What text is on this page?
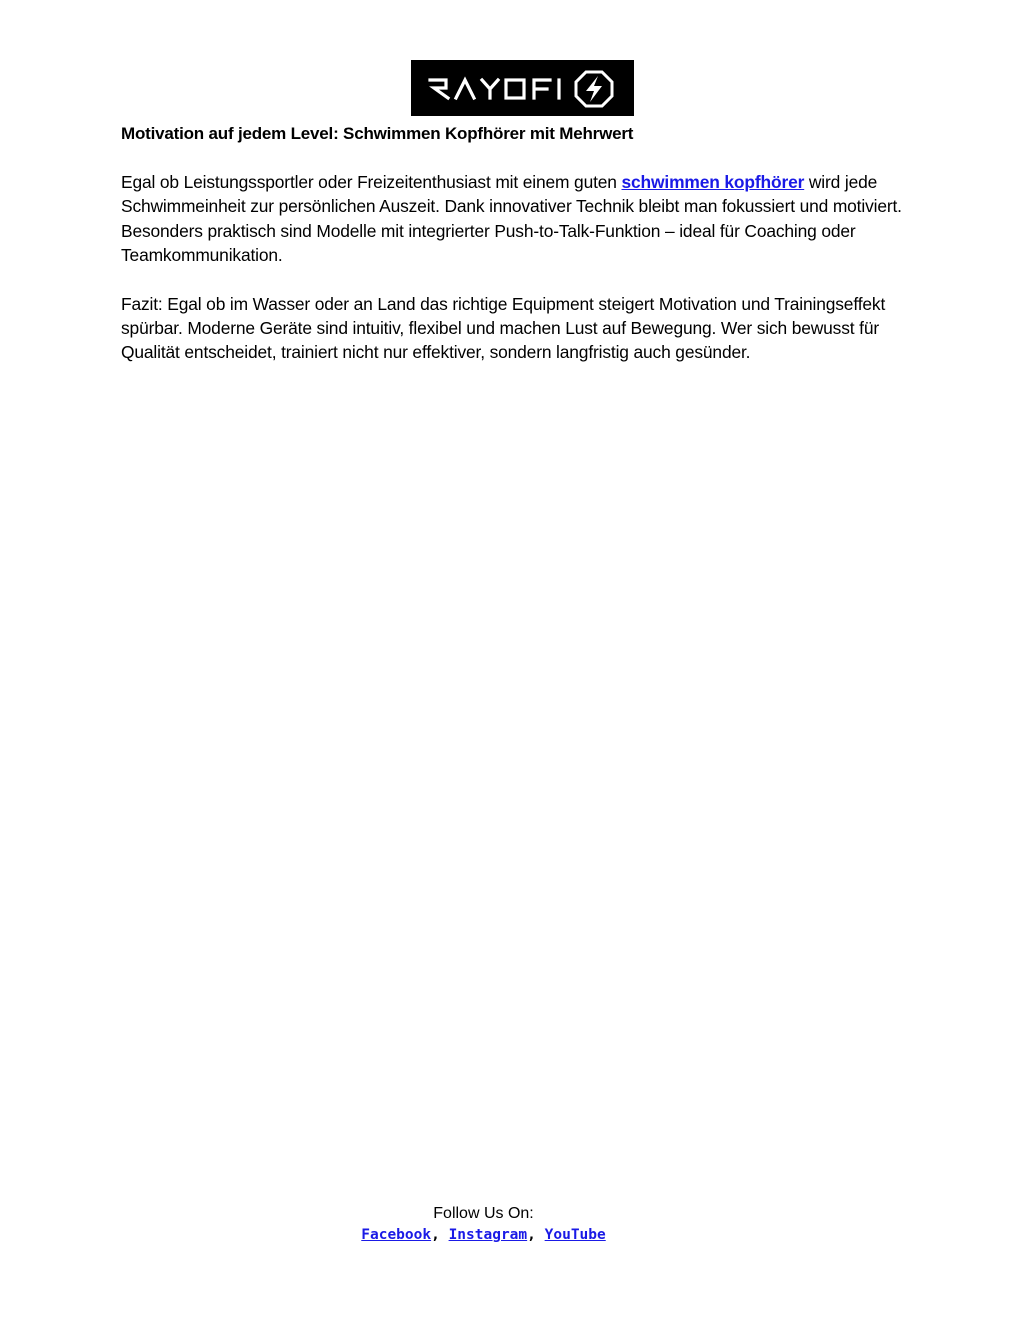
Motivation auf jedem Level: Schwimmen Kopfhörer mit Mehrwert

Egal ob Leistungssportler oder Freizeitenthusiast mit einem guten schwimmen kopfhörer wird jede Schwimmeinheit zur persönlichen Auszeit. Dank innovativer Technik bleibt man fokussiert und motiviert. Besonders praktisch sind Modelle mit integrierter Push-to-Talk-Funktion – ideal für Coaching oder Teamkommunikation.

Fazit: Egal ob im Wasser oder an Land das richtige Equipment steigert Motivation und Trainingseffekt spürbar. Moderne Geräte sind intuitiv, flexibel und machen Lust auf Bewegung. Wer sich bewusst für Qualität entscheidet, trainiert nicht nur effektiver, sondern langfristig auch gesünder.

Follow Us On:
Facebook, Instagram, YouTube
